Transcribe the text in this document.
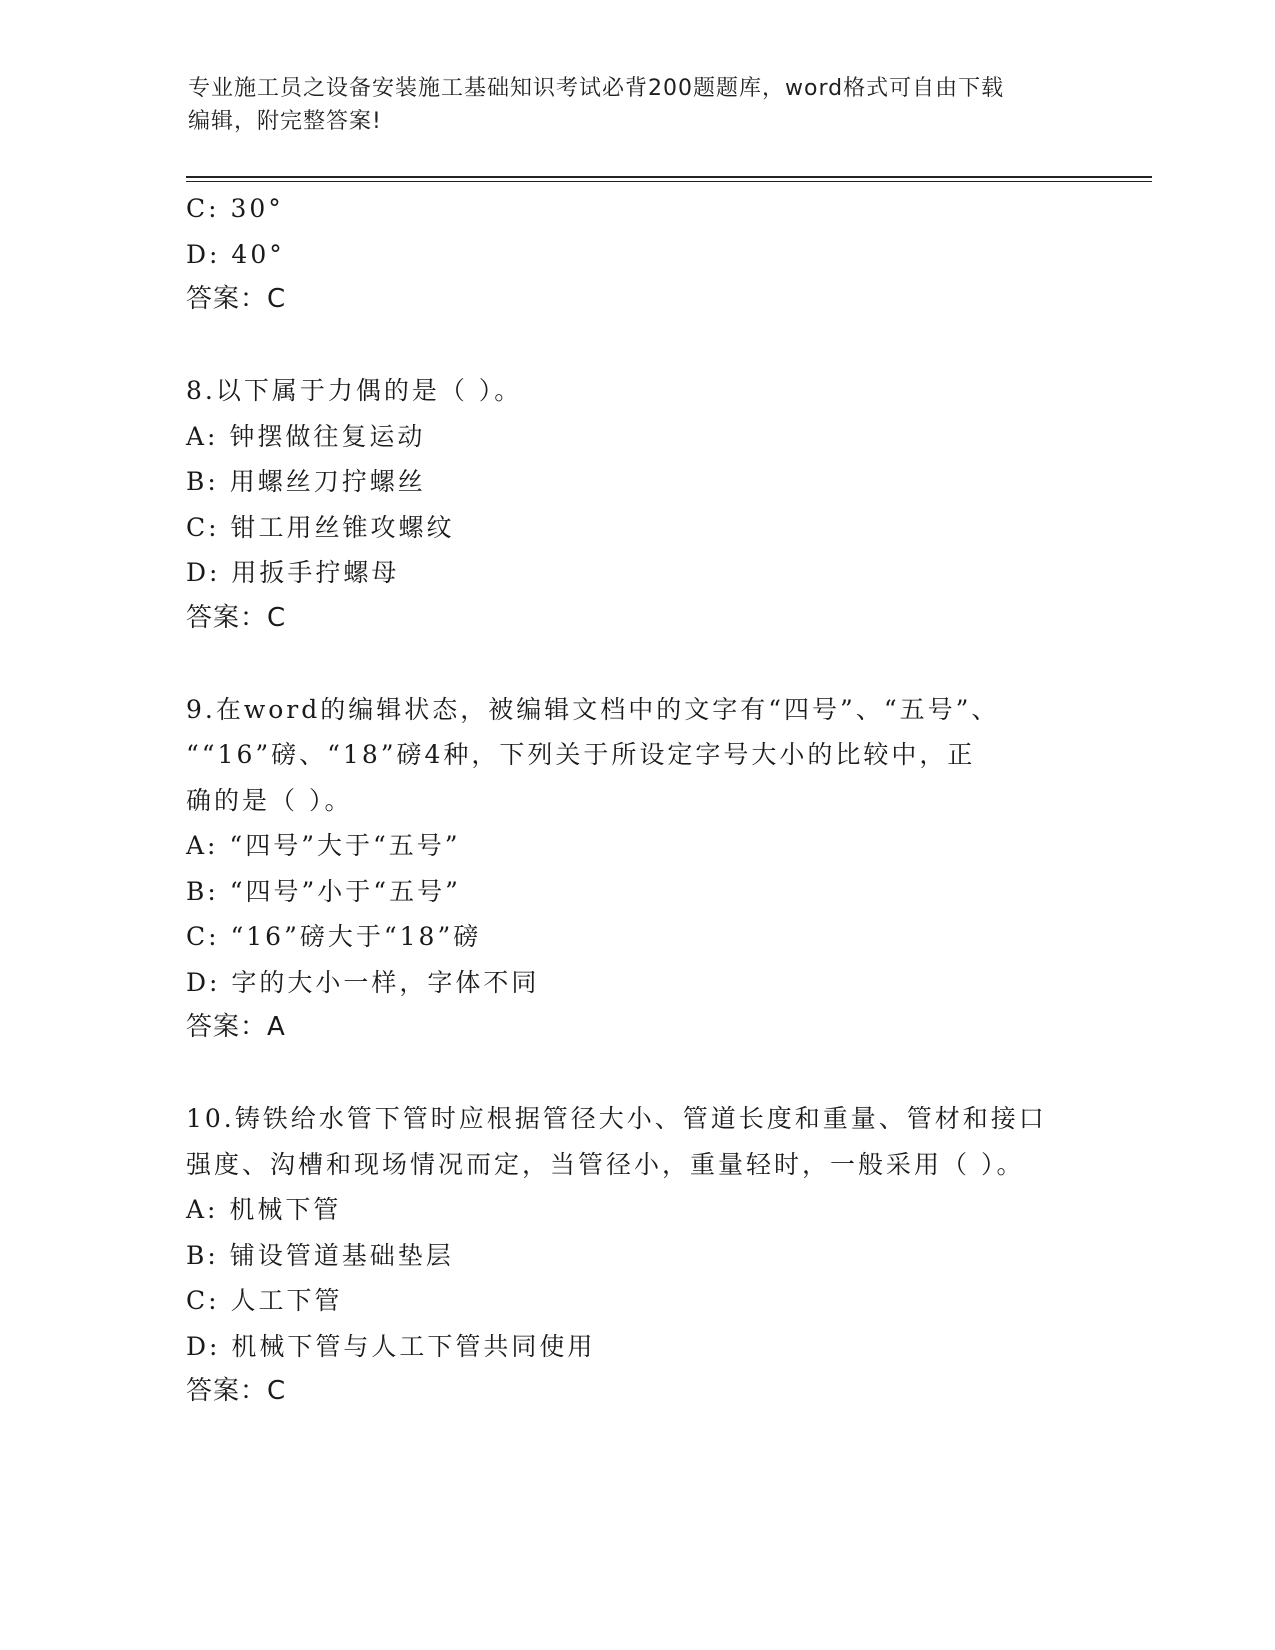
专业施工员之设备安装施工基础知识考试必背200题题库，word格式可自由下载
编辑，附完整答案!

C: 30°

D: 40°

答案：C

8.以下属于力偶的是（ ）。

A: 钟摆做往复运动

B: 用螺丝刀拧螺丝

C: 钳工用丝锥攻螺纹

D: 用扳手拧螺母

答案：C

9.在word的编辑状态，被编辑文档中的文字有“四号”、“五号”、

““16”磅、“18”磅4种，下列关于所设定字号大小的比较中，正

确的是（ ）。

A: “四号”大于“五号”

B: “四号”小于“五号”

C: “16”磅大于“18”磅

D: 字的大小一样，字体不同

答案：A

10.铸铁给水管下管时应根据管径大小、管道长度和重量、管材和接口

强度、沟槽和现场情况而定，当管径小，重量轻时，一般采用（ ）。

A: 机械下管

B: 铺设管道基础垫层

C: 人工下管

D: 机械下管与人工下管共同使用

答案：C
